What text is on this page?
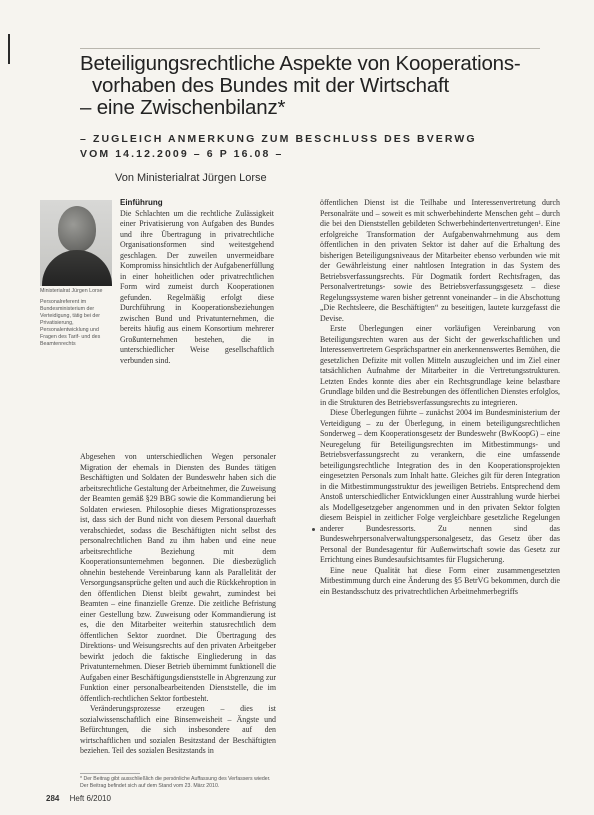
Beteiligungsrechtliche Aspekte von Kooperations-
vorhaben des Bundes mit der Wirtschaft
– eine Zwischenbilanz*
– ZUGLEICH ANMERKUNG ZUM BESCHLUSS DES BVERWG
VOM 14.12.2009 – 6 P 16.08 –
Von Ministerialrat Jürgen Lorse
Ministerialrat Jürgen Lorse
Personalreferent im Bundesministerium der Verteidigung, tätig bei der Privatisierung, Personalentwicklung und Fragen des Tarif- und des Beamtenrechts

Einführung

Die Schlachten um die rechtliche Zulässigkeit einer Privatisierung von Aufgaben des Bundes und ihre Übertragung in privatrechtliche Organisationsformen sind weitestgehend geschlagen. Der zuweilen unvermeidbare Kompromiss hinsichtlich der Aufgabenerfüllung in einer hoheitlichen oder privatrechtlichen Form wird zumeist durch Kooperationen gefunden. Regelmäßig erfolgt diese Durchführung in Kooperationsbeziehungen zwischen Bund und Privatunternehmen, die bereits häufig aus einem Konsortium mehrerer Großunternehmen bestehen, die in unterschiedlicher Weise gesellschaftlich verbunden sind.

Abgesehen von unterschiedlichen Wegen personaler Migration der ehemals in Diensten des Bundes tätigen Beschäftigten und Soldaten der Bundeswehr haben sich die arbeitsrechtliche Gestaltung der Arbeitnehmer, die Zuweisung der Beamten gemäß §29 BBG sowie die Kommandierung bei Soldaten erwiesen. Philosophie dieses Migrationsprozesses ist, dass sich der Bund nicht von diesem Personal dauerhaft verabschiedet, sodass die Beschäftigten nicht selbst des personalrechtlichen Band zu ihm haben und eine neue arbeitsrechtliche Beziehung mit dem Kooperationsunternehmen begonnen. Die diesbezüglich ohnehin bestehende Vereinbarung kann als Parallelität der Versorgungsansprüche gelten und auch die Rückkehroption in den öffentlichen Dienst bleibt gewahrt, zumindest bei Beamten – eine finanzielle Grenze. Die zeitliche Befristung einer Gestellung bzw. Zuweisung oder Kommandierung ist es, die den Mitarbeiter weiterhin statusrechtlich dem öffentlichen Sektor zuordnet. Die Übertragung des Direktions- und Weisungsrechts auf den privaten Arbeitgeber bewirkt jedoch die faktische Eingliederung in das Privatunternehmen. Dieser Betrieb übernimmt funktionell die Aufgaben einer Beschäftigungsdienststelle in Abgrenzung zur Funktion einer personalbearbeitenden Dienststelle, die im öffentlich-rechtlichen Sektor fortbesteht.

Veränderungsprozesse erzeugen – dies ist sozialwissenschaftlich eine Binsenweisheit – Ängste und Befürchtungen, die sich insbesondere auf den wirtschaftlichen und sozialen Besitzstand der Beschäftigten beziehen. Teil des sozialen Besitzstands in

öffentlichen Dienst ist die Teilhabe und Interessenvertretung durch Personalräte und – soweit es mit schwerbehinderte Menschen geht – durch die bei den Dienststellen gebildeten Schwerbehindertenvertretungen¹. Eine erfolgreiche Transformation der Aufgabenwahrnehmung aus dem öffentlichen in den privaten Sektor ist daher auf die Erhaltung des bisherigen Beteiligungsniveaus der Mitarbeiter ebenso verbunden wie mit der Gewährleistung einer nahtlosen Integration in das System des Betriebsverfassungsrechts. Für Dogmatik fordert Rechtsfragen, das Personalvertretungs- sowie des Betriebsverfassungsgesetz – diese Regelungssysteme waren bisher getrennt voneinander – in die Abschottung „Die Rechtsleere, die Beschäftigten“ zu beseitigen, lautete kurzgefasst die Devise.

Erste Überlegungen einer vorläufigen Vereinbarung von Beteiligungsrechten waren aus der Sicht der gewerkschaftlichen und Interessenvertretern Gesprächspartner ein anerkennenswertes Bemühen, die gesetzlichen Defizite mit vollen Mitteln auszugleichen und im Ziel einer tatsächlichen Aufnahme der Mitarbeiter in die Vertretungsstrukturen. Letzten Endes konnte dies aber ein Rechtsgrundlage keine belastbare Grundlage bilden und die Bestrebungen des öffentlichen Dienstes erfolglos, in die Strukturen des Betriebsverfassungsrechts zu integrieren.

Diese Überlegungen führte – zunächst 2004 im Bundesministerium der Verteidigung – zu der Überlegung, in einem beteiligungsrechtlichen Sonderweg – dem Kooperationsgesetz der Bundeswehr (BwKoopG) – eine Neuregelung für Beteiligungsrechten im Mitbestimmungs- und Betriebsverfassungsrecht zu verankern, die eine umfassende beteiligungsrechtliche Integration des in den Kooperationsprojekten eingesetzten Personals zum Inhalt hatte. Gleiches gilt für deren Integration in die Mitbestimmungsstruktur des jeweiligen Betriebs. Entsprechend dem Anstoß unterschiedlicher Entwicklungen einer Ausstrahlung wurde hierbei als Modellgesetzgeber angenommen und in den privaten Sektor folgten diesem Beispiel in zeitlicher Folge vergleichbare gesetzliche Regelungen anderer Bundesressorts. Zu nennen sind das Bundeswehrpersonalverwaltungspersonalgesetz, das Gesetz über das Personal der Bundesagentur für Außenwirtschaft sowie das Gesetz zur Errichtung eines Bundesaufsichtsamtes für Flugsicherung.

Eine neue Qualität hat diese Form einer zusammengesetzten Mitbestimmung durch eine Änderung des §5 BetrVG bekommen, durch die ein Bestandsschutz des privatrechtlichen Arbeitnehmerbegriffs

* Der Beitrag gibt ausschließlich die persönliche Auffassung des Verfassers wieder. Der Beitrag befindet sich auf dem Stand vom 23. März 2010.
284 Heft 6/2010
